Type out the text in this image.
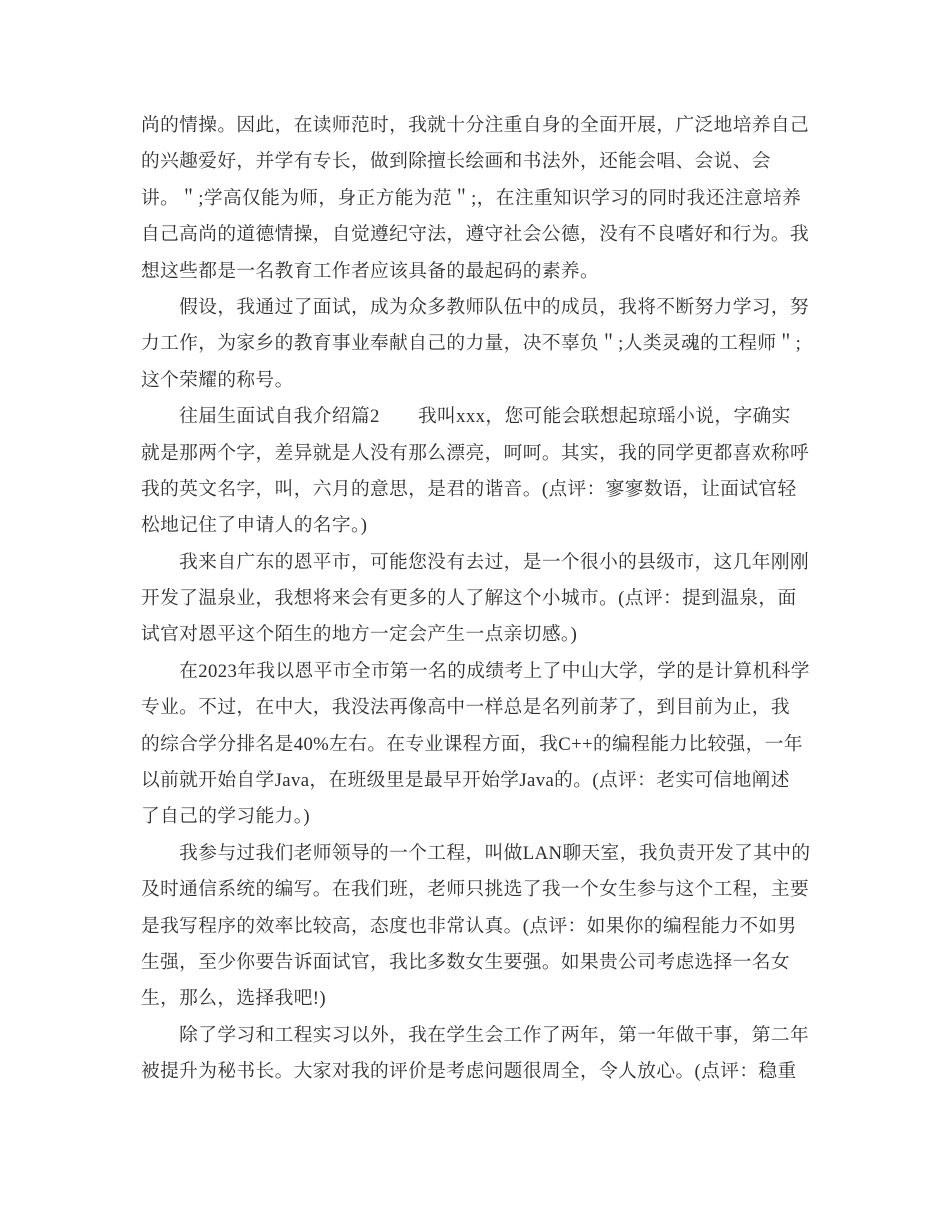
尚的情操。因此，在读师范时，我就十分注重自身的全面开展，广泛地培养自己
的兴趣爱好，并学有专长，做到除擅长绘画和书法外，还能会唱、会说、会
讲。＂;学高仅能为师，身正方能为范＂;，在注重知识学习的同时我还注意培养
自己高尚的道德情操，自觉遵纪守法，遵守社会公德，没有不良嗜好和行为。我
想这些都是一名教育工作者应该具备的最起码的素养。
　　假设，我通过了面试，成为众多教师队伍中的成员，我将不断努力学习，努
力工作，为家乡的教育事业奉献自己的力量，决不辜负＂;人类灵魂的工程师＂;
这个荣耀的称号。
　　往届生面试自我介绍篇2　　我叫xxx，您可能会联想起琼瑶小说，字确实
就是那两个字，差异就是人没有那么漂亮，呵呵。其实，我的同学更都喜欢称呼
我的英文名字，叫，六月的意思，是君的谐音。(点评：寥寥数语，让面试官轻
松地记住了申请人的名字。)
　　我来自广东的恩平市，可能您没有去过，是一个很小的县级市，这几年刚刚
开发了温泉业，我想将来会有更多的人了解这个小城市。(点评：提到温泉，面
试官对恩平这个陌生的地方一定会产生一点亲切感。)
　　在2023年我以恩平市全市第一名的成绩考上了中山大学，学的是计算机科学
专业。不过，在中大，我没法再像高中一样总是名列前茅了，到目前为止，我
的综合学分排名是40%左右。在专业课程方面，我C++的编程能力比较强，一年
以前就开始自学Java，在班级里是最早开始学Java的。(点评：老实可信地阐述
了自己的学习能力。)
　　我参与过我们老师领导的一个工程，叫做LAN聊天室，我负责开发了其中的
及时通信系统的编写。在我们班，老师只挑选了我一个女生参与这个工程，主要
是我写程序的效率比较高，态度也非常认真。(点评：如果你的编程能力不如男
生强，至少你要告诉面试官，我比多数女生要强。如果贵公司考虑选择一名女
生，那么，选择我吧!)
　　除了学习和工程实习以外，我在学生会工作了两年，第一年做干事，第二年
被提升为秘书长。大家对我的评价是考虑问题很周全，令人放心。(点评：稳重
